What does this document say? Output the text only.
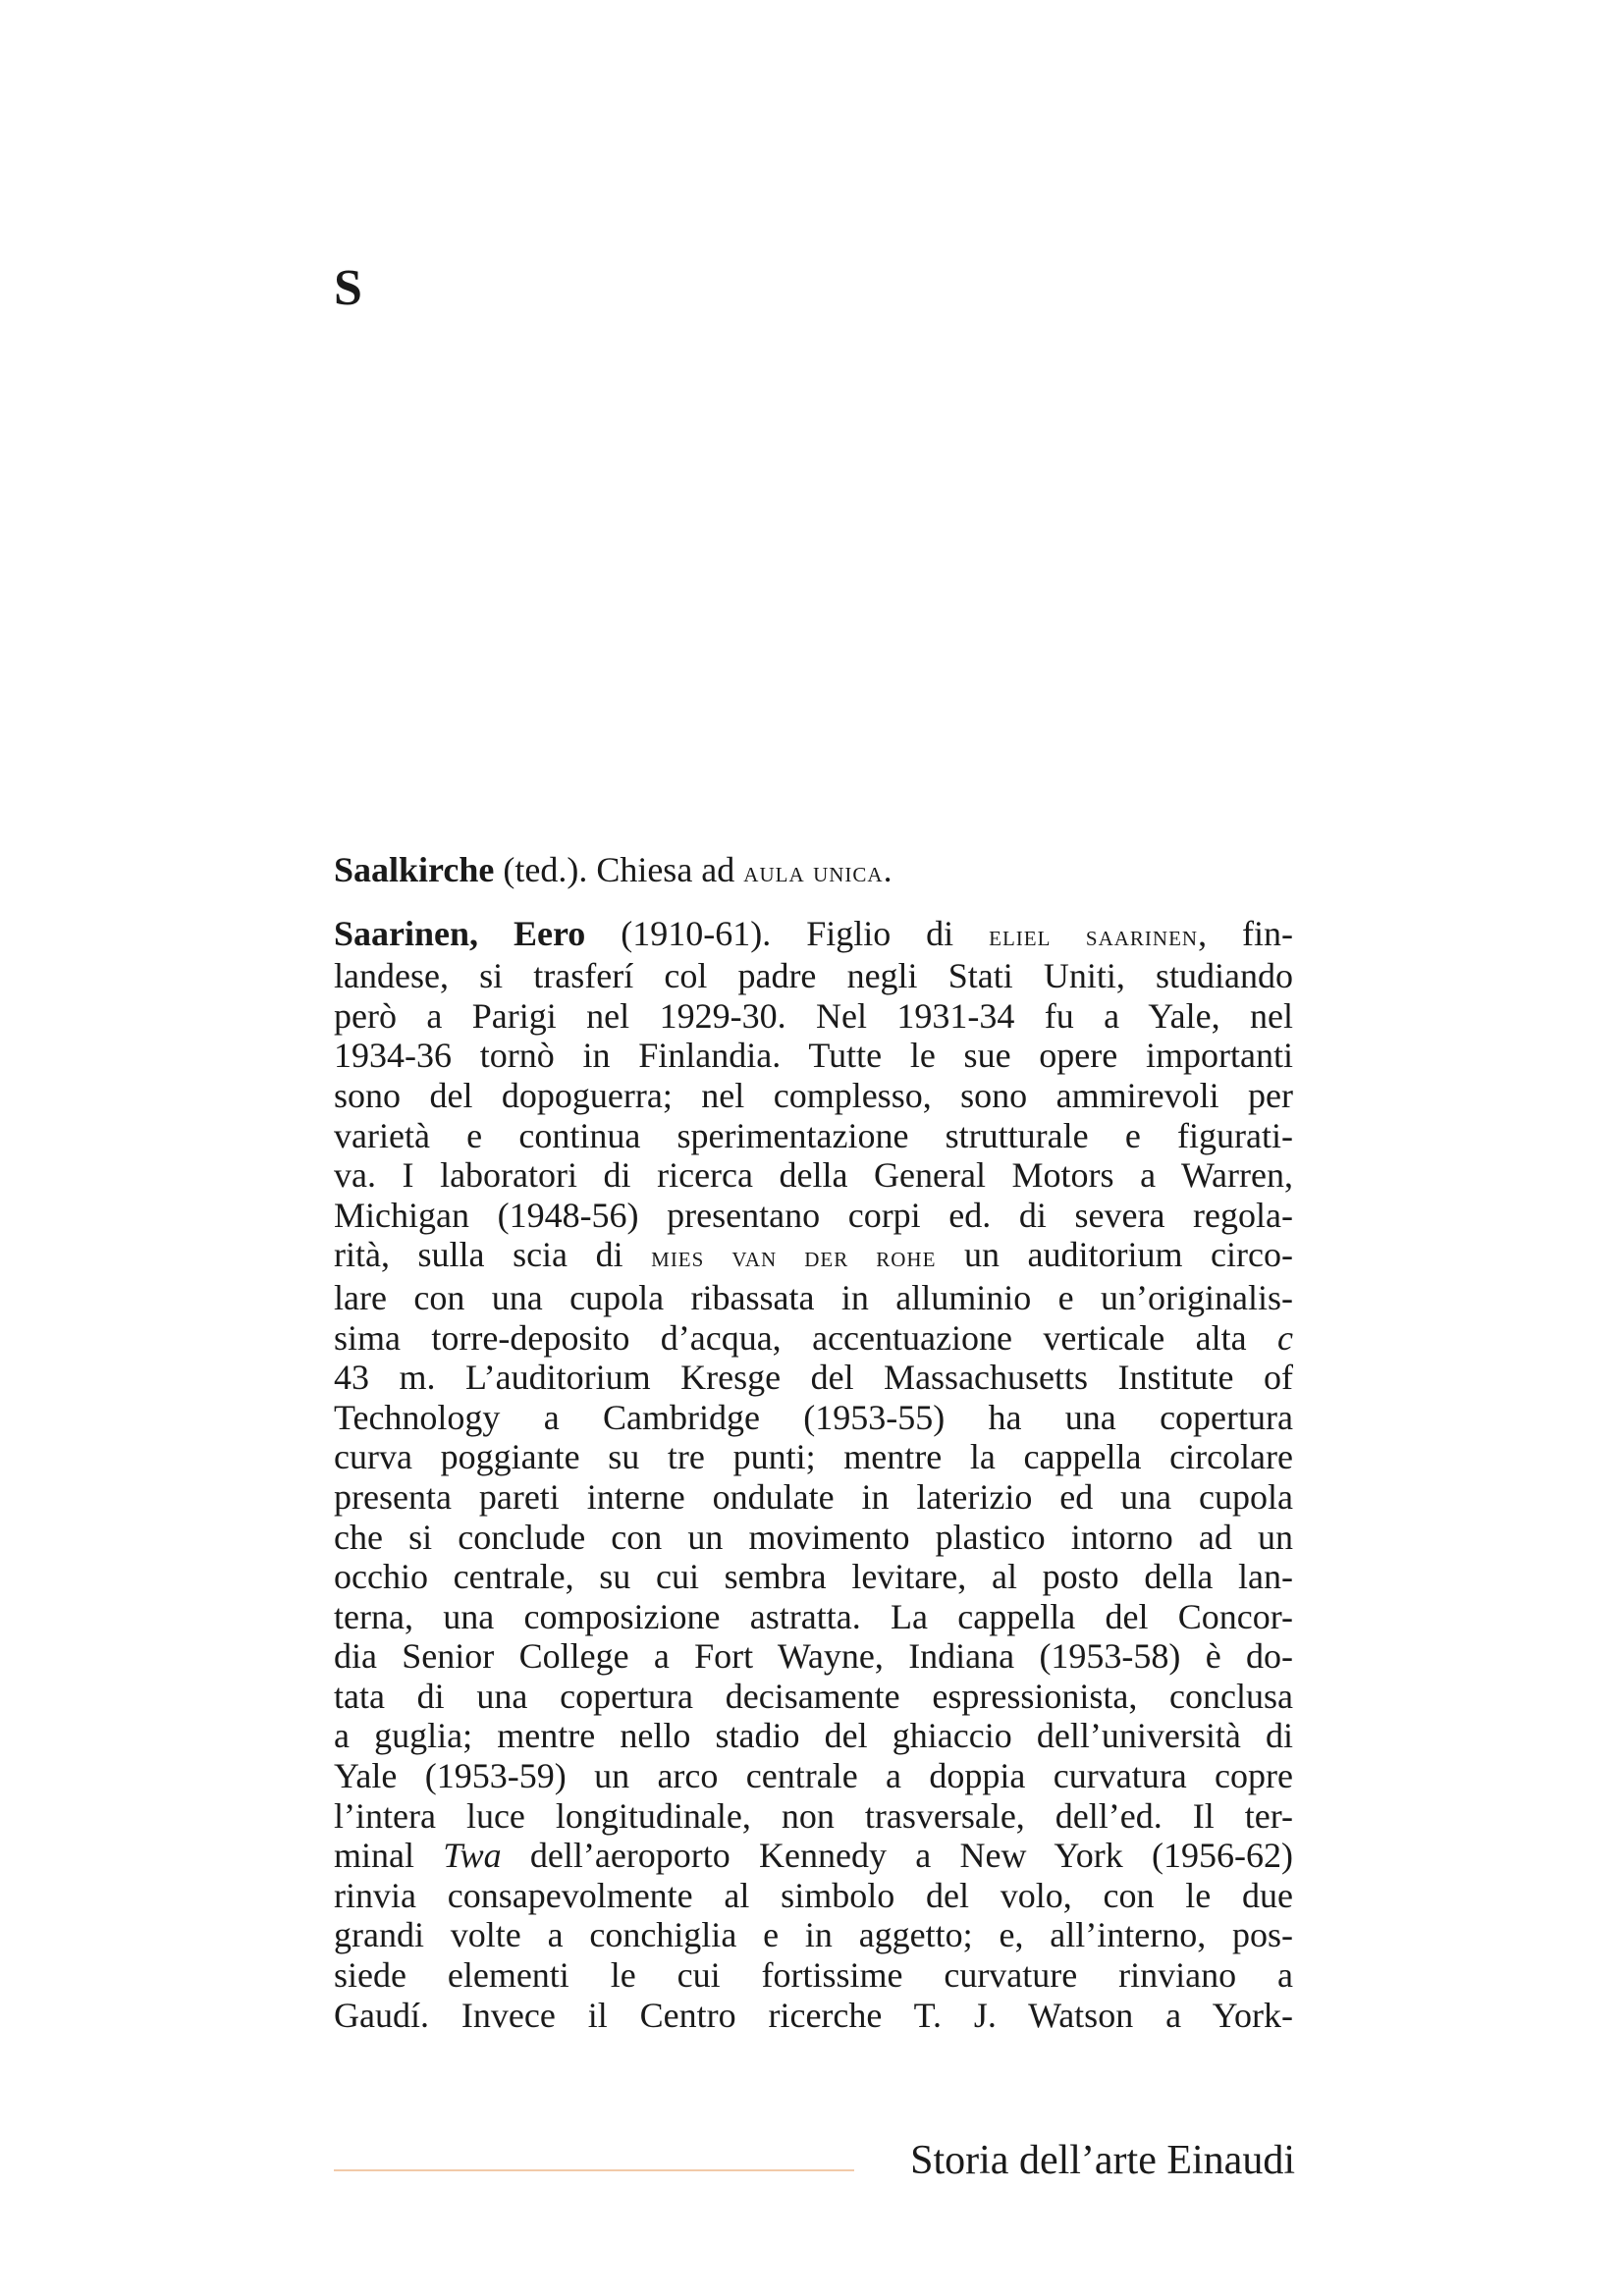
S

Saalkirche (ted.). Chiesa ad aula unica.

Saarinen, Eero (1910-61). Figlio di eliel saarinen, fin-
landese, si trasferí col padre negli Stati Uniti, studiando
però a Parigi nel 1929-30. Nel 1931-34 fu a Yale, nel
1934-36 tornò in Finlandia. Tutte le sue opere importanti
sono del dopoguerra; nel complesso, sono ammirevoli per
varietà e continua sperimentazione strutturale e figurati-
va. I laboratori di ricerca della General Motors a Warren,
Michigan (1948-56) presentano corpi ed. di severa regola-
rità, sulla scia di mies van der rohe un auditorium circo-
lare con una cupola ribassata in alluminio e un’originalis-
sima torre-deposito d’acqua, accentuazione verticale alta c
43 m. L’auditorium Kresge del Massachusetts Institute of
Technology a Cambridge (1953-55) ha una copertura
curva poggiante su tre punti; mentre la cappella circolare
presenta pareti interne ondulate in laterizio ed una cupola
che si conclude con un movimento plastico intorno ad un
occhio centrale, su cui sembra levitare, al posto della lan-
terna, una composizione astratta. La cappella del Concor-
dia Senior College a Fort Wayne, Indiana (1953-58) è do-
tata di una copertura decisamente espressionista, conclusa
a guglia; mentre nello stadio del ghiaccio dell’università di
Yale (1953-59) un arco centrale a doppia curvatura copre
l’intera luce longitudinale, non trasversale, dell’ed. Il ter-
minal Twa dell’aeroporto Kennedy a New York (1956-62)
rinvia consapevolmente al simbolo del volo, con le due
grandi volte a conchiglia e in aggetto; e, all’interno, pos-
siede elementi le cui fortissime curvature rinviano a
Gaudí. Invece il Centro ricerche T. J. Watson a York-

Storia dell’arte Einaudi
